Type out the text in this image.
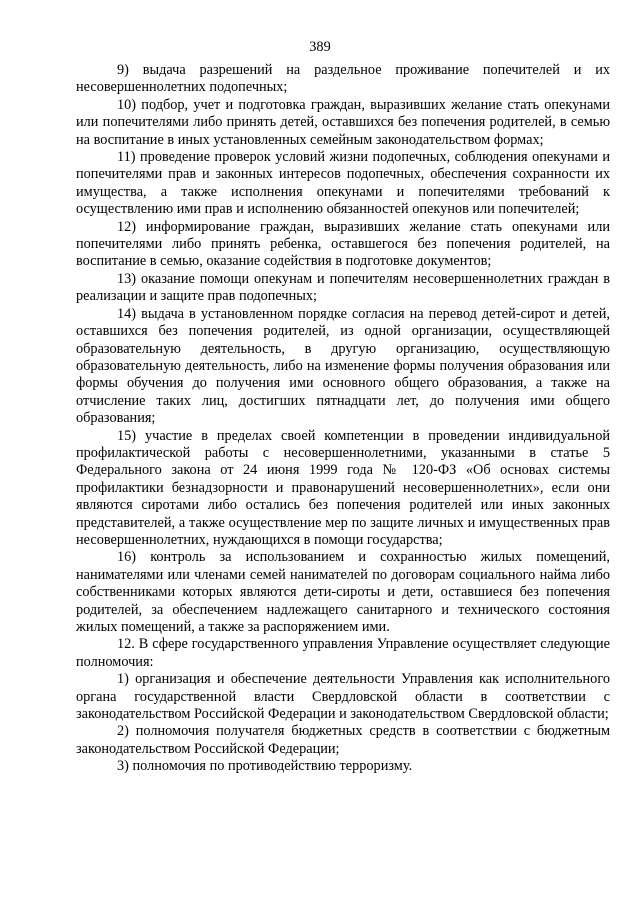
389

9) выдача разрешений на раздельное проживание попечителей и их несовершеннолетних подопечных;

10) подбор, учет и подготовка граждан, выразивших желание стать опекунами или попечителями либо принять детей, оставшихся без попечения родителей, в семью на воспитание в иных установленных семейным законодательством формах;

11) проведение проверок условий жизни подопечных, соблюдения опекунами и попечителями прав и законных интересов подопечных, обеспечения сохранности их имущества, а также исполнения опекунами и попечителями требований к осуществлению ими прав и исполнению обязанностей опекунов или попечителей;

12) информирование граждан, выразивших желание стать опекунами или попечителями либо принять ребенка, оставшегося без попечения родителей, на воспитание в семью, оказание содействия в подготовке документов;

13) оказание помощи опекунам и попечителям несовершеннолетних граждан в реализации и защите прав подопечных;

14) выдача в установленном порядке согласия на перевод детей-сирот и детей, оставшихся без попечения родителей, из одной организации, осуществляющей образовательную деятельность, в другую организацию, осуществляющую образовательную деятельность, либо на изменение формы получения образования или формы обучения до получения ими основного общего образования, а также на отчисление таких лиц, достигших пятнадцати лет, до получения ими общего образования;

15) участие в пределах своей компетенции в проведении индивидуальной профилактической работы с несовершеннолетними, указанными в статье 5 Федерального закона от 24 июня 1999 года № 120-ФЗ «Об основах системы профилактики безнадзорности и правонарушений несовершеннолетних», если они являются сиротами либо остались без попечения родителей или иных законных представителей, а также осуществление мер по защите личных и имущественных прав несовершеннолетних, нуждающихся в помощи государства;

16) контроль за использованием и сохранностью жилых помещений, нанимателями или членами семей нанимателей по договорам социального найма либо собственниками которых являются дети-сироты и дети, оставшиеся без попечения родителей, за обеспечением надлежащего санитарного и технического состояния жилых помещений, а также за распоряжением ими.

12. В сфере государственного управления Управление осуществляет следующие полномочия:

1) организация и обеспечение деятельности Управления как исполнительного органа государственной власти Свердловской области в соответствии с законодательством Российской Федерации и законодательством Свердловской области;

2) полномочия получателя бюджетных средств в соответствии с бюджетным законодательством Российской Федерации;

3) полномочия по противодействию терроризму.
